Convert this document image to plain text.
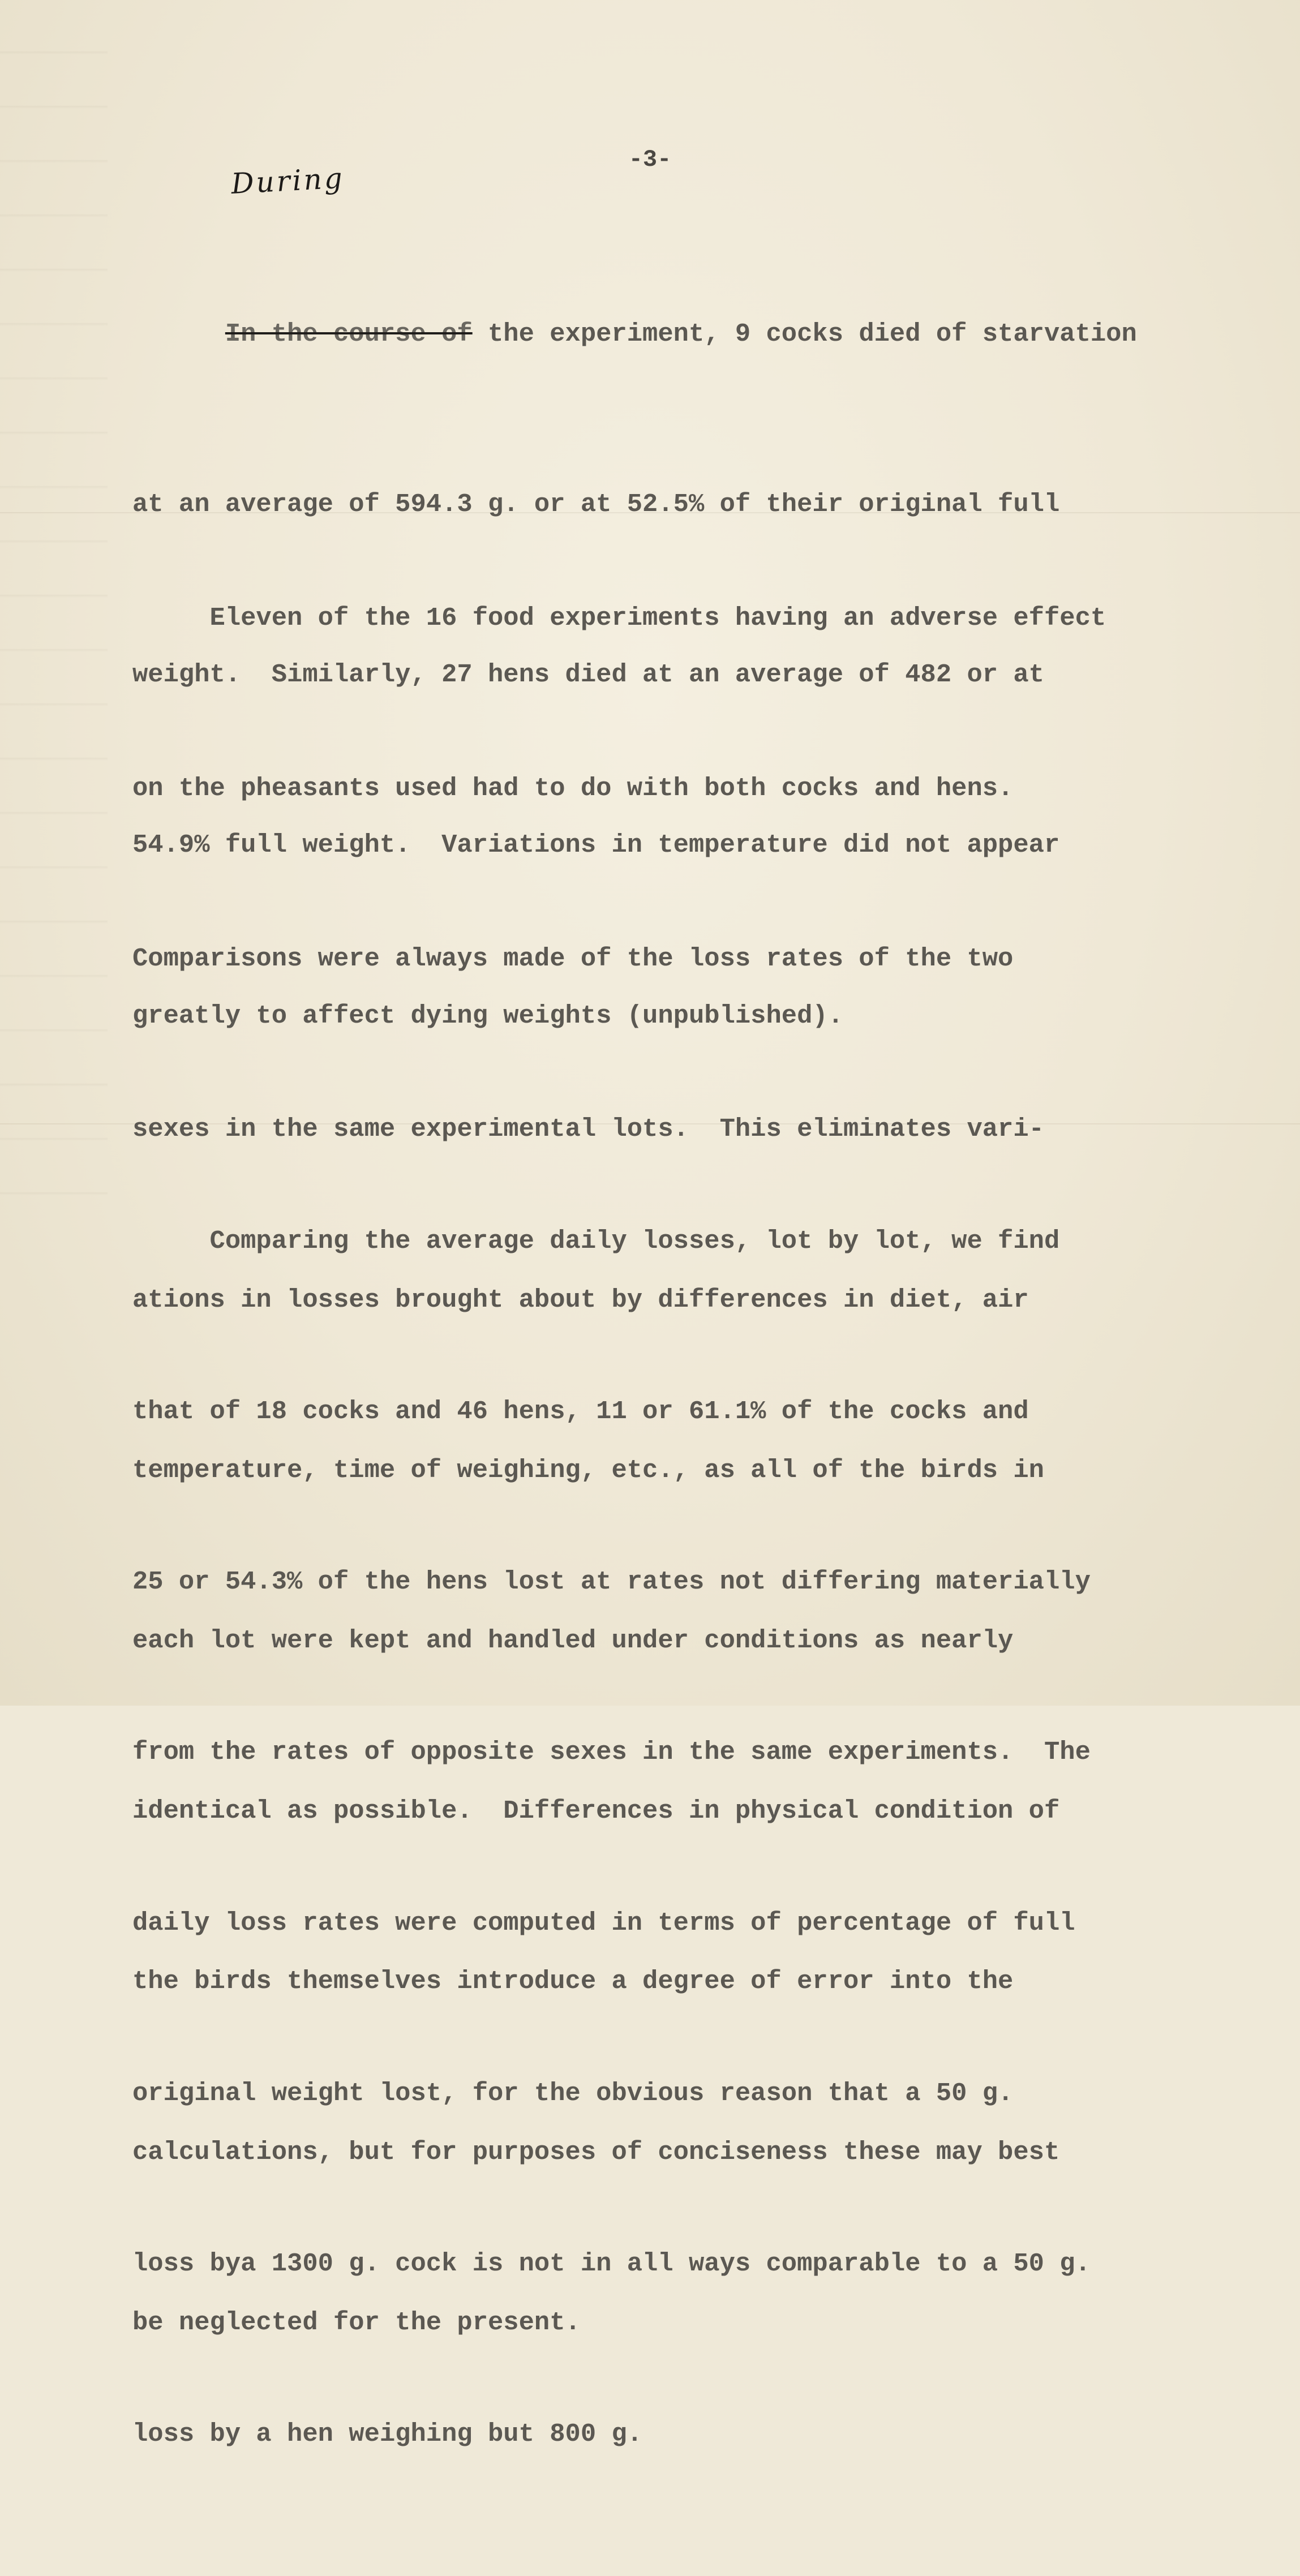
-3-
During

In the course of the experiment, 9 cocks died of starvation

at an average of 594.3 g. or at 52.5% of their original full

weight.  Similarly, 27 hens died at an average of 482 or at

54.9% full weight.  Variations in temperature did not appear

greatly to affect dying weights (unpublished).

Eleven of the 16 food experiments having an adverse effect

on the pheasants used had to do with both cocks and hens.

Comparisons were always made of the loss rates of the two

sexes in the same experimental lots.  This eliminates vari-

ations in losses brought about by differences in diet, air

temperature, time of weighing, etc., as all of the birds in

each lot were kept and handled under conditions as nearly

identical as possible.  Differences in physical condition of

the birds themselves introduce a degree of error into the

calculations, but for purposes of conciseness these may best

be neglected for the present.

Comparing the average daily losses, lot by lot, we find

that of 18 cocks and 46 hens, 11 or 61.1% of the cocks and

25 or 54.3% of the hens lost at rates not differing materially

from the rates of opposite sexes in the same experiments.  The

daily loss rates were computed in terms of percentage of full

original weight lost, for the obvious reason that a 50 g.

loss bya 1300 g. cock is not in all ways comparable to a 50 g.

loss by a hen weighing but 800 g.
